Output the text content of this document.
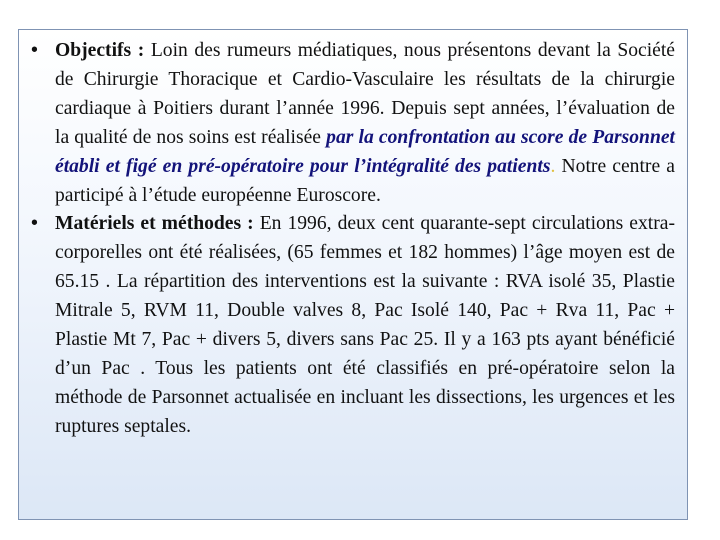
• Objectifs : Loin des rumeurs médiatiques, nous présentons devant la Société de Chirurgie Thoracique et Cardio-Vasculaire les résultats de la chirurgie cardiaque à Poitiers durant l’année 1996. Depuis sept années, l’évaluation de la qualité de nos soins est réalisée par la confrontation au score de Parsonnet établi et figé en pré-opératoire pour l’intégralité des patients. Notre centre a participé à l’étude européenne Euroscore.
• Matériels et méthodes : En 1996, deux cent quarante-sept circulations extra-corporelles ont été réalisées, (65 femmes et 182 hommes) l’âge moyen est de 65.15 . La répartition des interventions est la suivante : RVA isolé 35, Plastie Mitrale 5, RVM 11, Double valves 8, Pac Isolé 140, Pac + Rva 11, Pac + Plastie Mt 7, Pac + divers 5, divers sans Pac 25. Il y a 163 pts ayant bénéficié d’un Pac . Tous les patients ont été classifiés en pré-opératoire selon la méthode de Parsonnet actualisée en incluant les dissections, les urgences et les ruptures septales.
